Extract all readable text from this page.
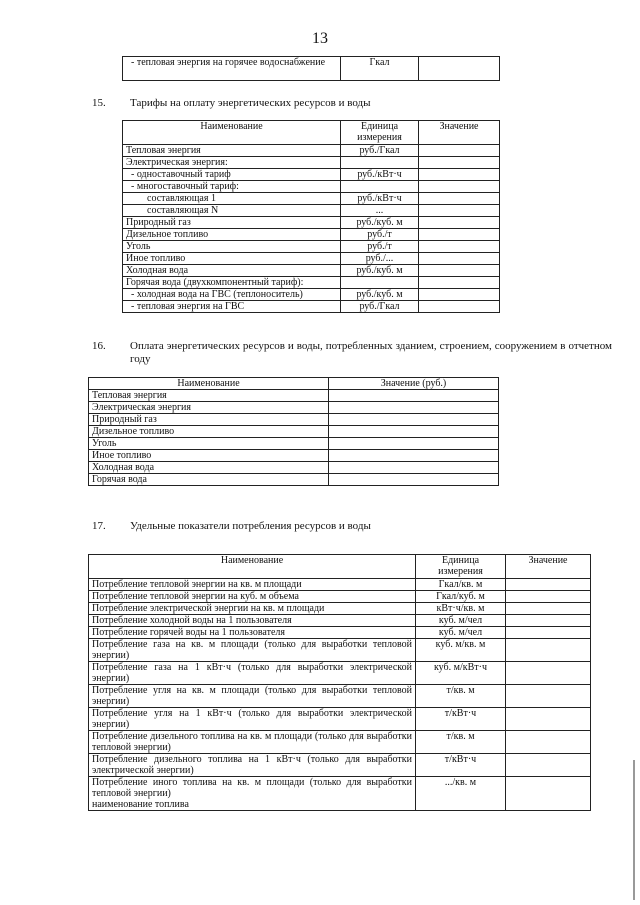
13
- тепловая энергия на горячее водоснабжение	Гкал	
15. Тарифы на оплату энергетических ресурсов и воды
Наименование	Единица измерения	Значение
Тепловая энергия	руб./Гкал	
Электрическая энергия:		
- одноставочный тариф	руб./кВт·ч	
- многоставочный тариф:		
составляющая 1	руб./кВт·ч	
составляющая N	...	
Природный газ	руб./куб. м	
Дизельное топливо	руб./т	
Уголь	руб./т	
Иное топливо	руб./...	
Холодная вода	руб./куб. м	
Горячая вода (двухкомпонентный тариф):		
- холодная вода на ГВС (теплоноситель)	руб./куб. м	
- тепловая энергия на ГВС	руб./Гкал	
16. Оплата энергетических ресурсов и воды, потребленных зданием, строением, сооружением в отчетном году
Наименование	Значение (руб.)
Тепловая энергия	
Электрическая энергия	
Природный газ	
Дизельное топливо	
Уголь	
Иное топливо	
Холодная вода	
Горячая вода	
17. Удельные показатели потребления ресурсов и воды
Наименование	Единица измерения	Значение
Потребление тепловой энергии на кв. м площади	Гкал/кв. м	
Потребление тепловой энергии на куб. м объема	Гкал/куб. м	
Потребление электрической энергии на кв. м площади	кВт·ч/кв. м	
Потребление холодной воды на 1 пользователя	куб. м/чел	
Потребление горячей воды на 1 пользователя	куб. м/чел	
Потребление газа на кв. м площади (только для выработки тепловой энергии)	куб. м/кв. м	
Потребление газа на 1 кВт·ч (только для выработки электрической энергии)	куб. м/кВт·ч	
Потребление угля на кв. м площади (только для выработки тепловой энергии)	т/кв. м	
Потребление угля на 1 кВт·ч (только для выработки электрической энергии)	т/кВт·ч	
Потребление дизельного топлива на кв. м площади (только для выработки тепловой энергии)	т/кв. м	
Потребление дизельного топлива на 1 кВт·ч (только для выработки электрической энергии)	т/кВт·ч	
Потребление иного топлива на кв. м площади (только для выработки тепловой энергии)
наименование топлива	.../кв. м	
